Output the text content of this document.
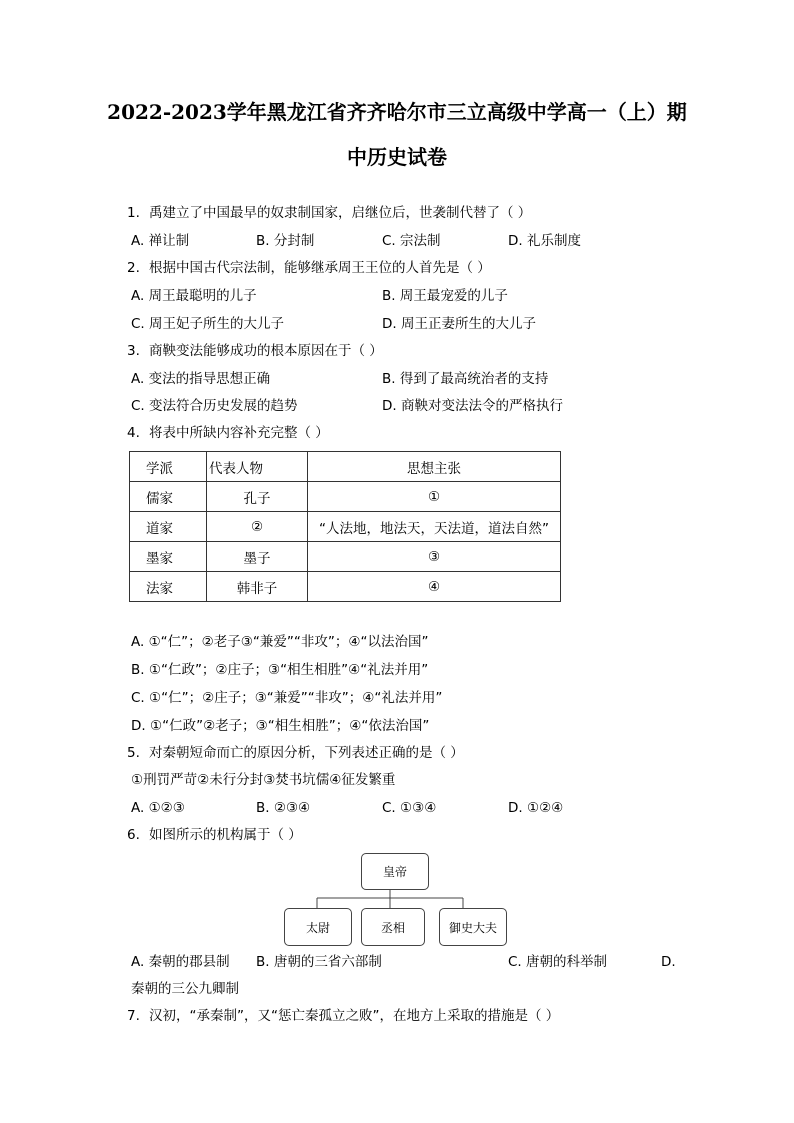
2022-2023学年黑龙江省齐齐哈尔市三立高级中学高一（上）期
中历史试卷
1. 禹建立了中国最早的奴隶制国家，启继位后，世袭制代替了（ ）
A. 禅让制	B. 分封制	C. 宗法制	D. 礼乐制度
2. 根据中国古代宗法制，能够继承周王王位的人首先是（ ）
A. 周王最聪明的儿子	B. 周王最宠爱的儿子
C. 周王妃子所生的大儿子	D. 周王正妻所生的大儿子
3. 商鞅变法能够成功的根本原因在于（ ）
A. 变法的指导思想正确	B. 得到了最高统治者的支持
C. 变法符合历史发展的趋势	D. 商鞅对变法法令的严格执行
4. 将表中所缺内容补充完整（ ）
学派	代表人物	思想主张
儒家	孔子	①
道家	②	“人法地，地法天，天法道，道法自然”
墨家	墨子	③
法家	韩非子	④
A. ①“仁”；②老子③“兼爱”“非攻”；④“以法治国”
B. ①“仁政”；②庄子；③“相生相胜”④“礼法并用”
C. ①“仁”；②庄子；③“兼爱”“非攻”；④“礼法并用”
D. ①“仁政”②老子；③“相生相胜”；④“依法治国”
5. 对秦朝短命而亡的原因分析，下列表述正确的是（ ）
①刑罚严苛②未行分封③焚书坑儒④征发繁重
A. ①②③	B. ②③④	C. ①③④	D. ①②④
6. 如图所示的机构属于（ ）
皇帝
太尉	丞相	御史大夫
A. 秦朝的郡县制 B. 唐朝的三省六部制	C. 唐朝的科举制	D.
秦朝的三公九卿制
7. 汉初，“承秦制”，又“惩亡秦孤立之败”，在地方上采取的措施是（ ）
